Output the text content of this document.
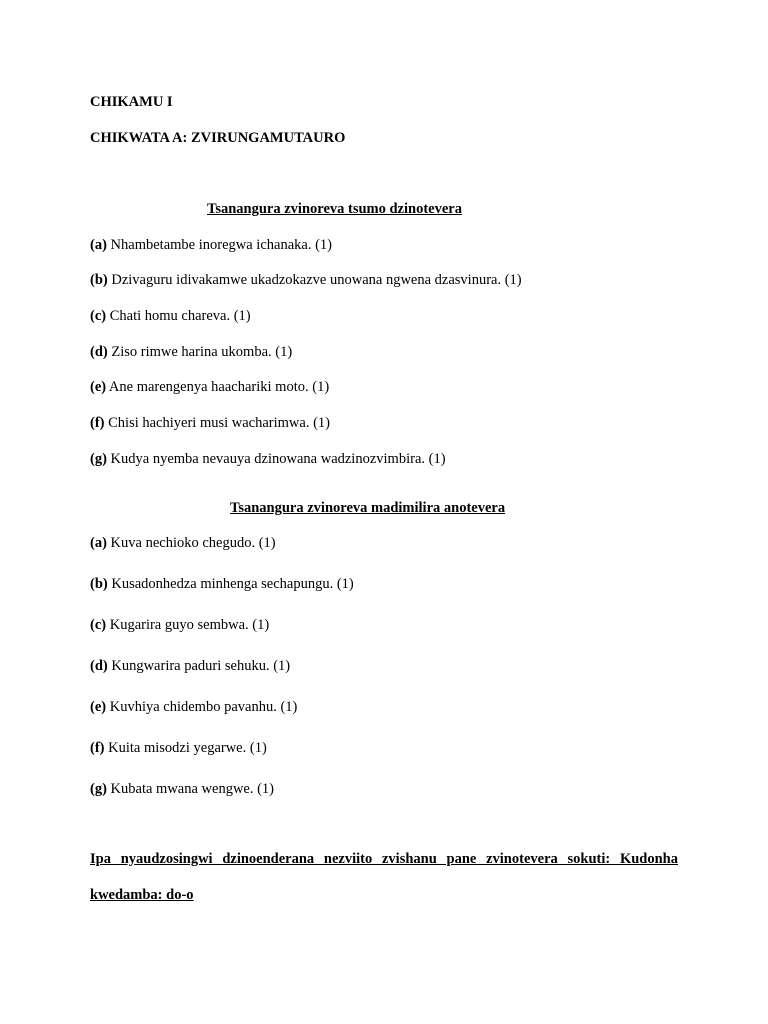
CHIKAMU I
CHIKWATA A: ZVIRUNGAMUTAURO
Tsanangura zvinoreva tsumo dzinotevera
(a) Nhambetambe inoregwa ichanaka. (1)
(b) Dzivaguru idivakamwe ukadzokazve unowana ngwena dzasvinura. (1)
(c) Chati homu chareva. (1)
(d) Ziso rimwe harina ukomba. (1)
(e) Ane marengenya haachariki moto. (1)
(f) Chisi hachiyeri musi wacharimwa. (1)
(g) Kudya nyemba nevauya dzinowana wadzinozvimbira. (1)
Tsanangura zvinoreva madimilira anotevera
(a) Kuva nechioko chegudo. (1)
(b) Kusadonhedza minhenga sechapungu. (1)
(c) Kugarira guyo sembwa. (1)
(d) Kungwarira paduri sehuku. (1)
(e) Kuvhiya chidembo pavanhu. (1)
(f) Kuita misodzi yegarwe. (1)
(g) Kubata mwana wengwe. (1)
Ipa nyaudzosingwi dzinoenderana nezviito zvishanu pane zvinotevera sokuti: Kudonha
kwedamba: do-o
